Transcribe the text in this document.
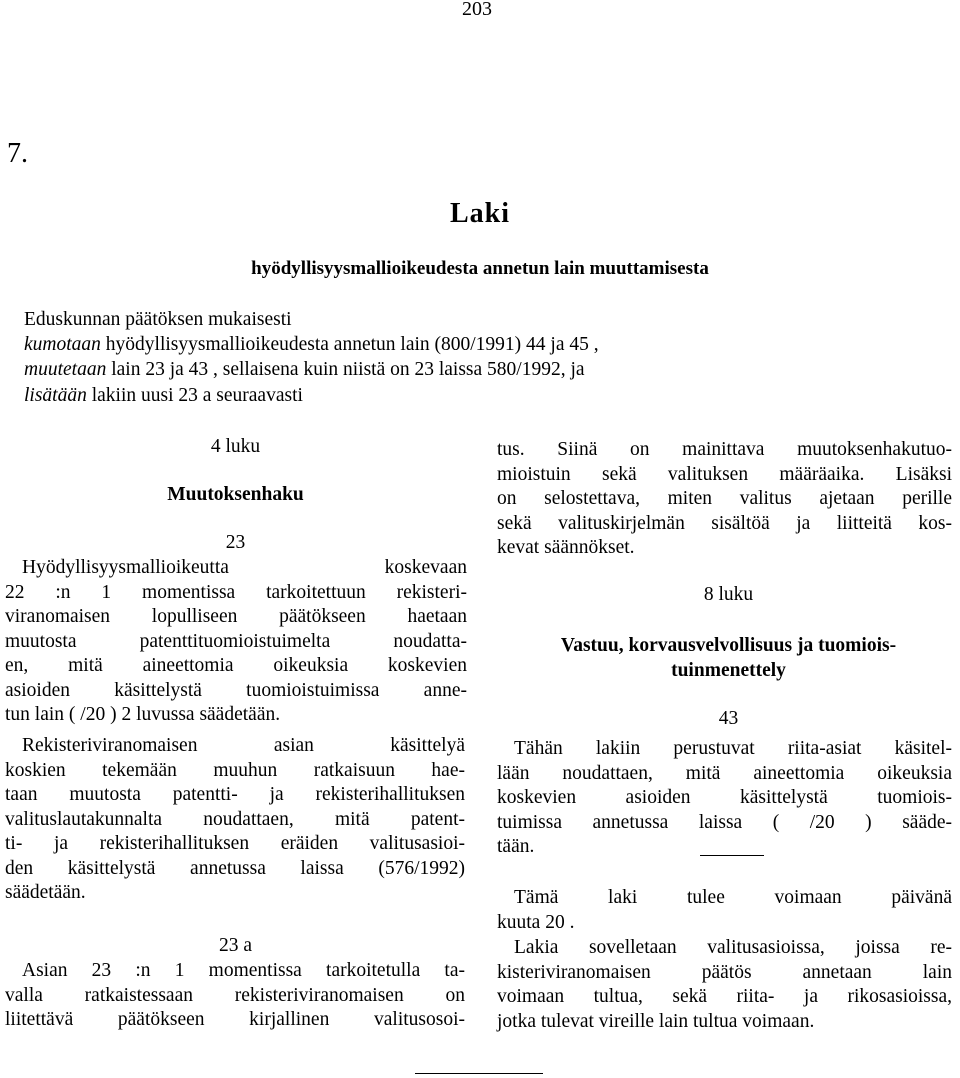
203
7.
Laki
hyödyllisyysmallioikeudesta annetun lain muuttamisesta
Eduskunnan päätöksen mukaisesti
kumotaan hyödyllisyysmallioikeudesta annetun lain (800/1991) 44 ja 45 ,
muutetaan lain 23 ja 43 , sellaisena kuin niistä on 23 laissa 580/1992, ja
lisätään lakiin uusi 23 a seuraavasti
4 luku
Muutoksenhaku
23
Hyödyllisyysmallioikeutta koskevaan
22 :n 1 momentissa tarkoitettuun rekisteri-
viranomaisen lopulliseen päätökseen haetaan
muutosta patenttituomioistuimelta noudatta-
en, mitä aineettomia oikeuksia koskevien
asioiden käsittelystä tuomioistuimissa anne-
tun lain ( /20 ) 2 luvussa säädetään.
Rekisteriviranomaisen asian käsittelyä
koskien tekemään muuhun ratkaisuun hae-
taan muutosta patentti- ja rekisterihallituksen
valituslautakunnalta noudattaen, mitä patent-
ti- ja rekisterihallituksen eräiden valitusasioi-
den käsittelystä annetussa laissa (576/1992)
säädetään.
23 a
Asian 23 :n 1 momentissa tarkoitetulla ta-
valla ratkaistessaan rekisteriviranomaisen on
liitettävä päätökseen kirjallinen valitusosoi-
tus. Siinä on mainittava muutoksenhakutuo-
mioistuin sekä valituksen määräaika. Lisäksi
on selostettava, miten valitus ajetaan perille
sekä valituskirjelmän sisältöä ja liitteitä kos-
kevat säännökset.
8 luku
Vastuu, korvausvelvollisuus ja tuomiois-
tuinmenettely
43
Tähän lakiin perustuvat riita-asiat käsitel-
lään noudattaen, mitä aineettomia oikeuksia
koskevien asioiden käsittelystä tuomiois-
tuimissa annetussa laissa ( /20 ) sääde-
tään.
Tämä laki tulee voimaan päivänä
kuuta 20 .
Lakia sovelletaan valitusasioissa, joissa re-
kisteriviranomaisen päätös annetaan lain
voimaan tultua, sekä riita- ja rikosasioissa,
jotka tulevat vireille lain tultua voimaan.
